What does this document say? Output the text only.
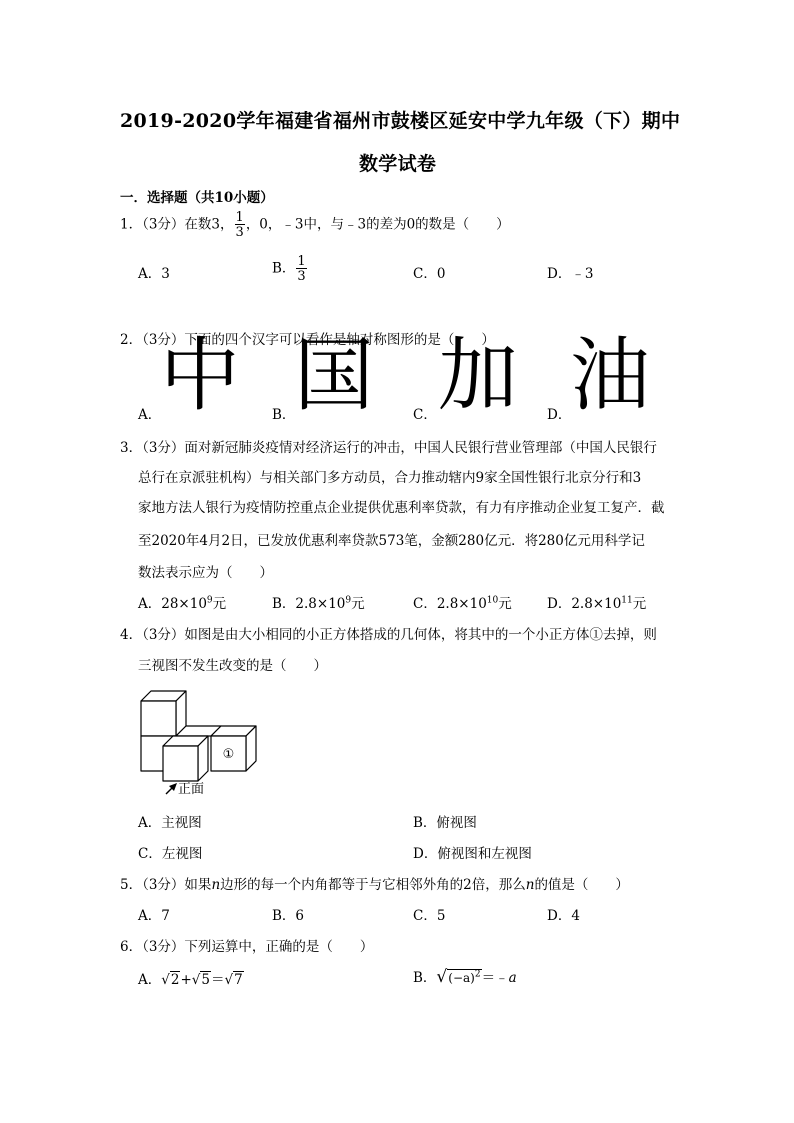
2019-2020学年福建省福州市鼓楼区延安中学九年级（下）期中
数学试卷
一．选择题（共10小题）
1．（3分）在数3， $\frac{1}{3}$ ，0，﹣3中，与﹣3的差为0的数是（　　）
A．3	B． $\frac{1}{3}$	C．0	D．﹣3
2．（3分）下面的四个汉字可以看作是轴对称图形的是（　　）
A．
中 B．
国	C． 加 D．
油
3．（3分）面对新冠肺炎疫情对经济运行的冲击，中国人民银行营业管理部（中国人民银行
总行在京派驻机构）与相关部门多方动员，合力推动辖内9家全国性银行北京分行和3
家地方法人银行为疫情防控重点企业提供优惠利率贷款，有力有序推动企业复工复产．截
至2020年4月2日，已发放优惠利率贷款573笔，金额280亿元．将280亿元用科学记
数法表示应为（　　）
A．$28\times 10^9$元	B．$2.8\times 10^9$元	C．$2.8\times 10^{10}$元	D．$2.8\times 10^{11}$元
4．（3分）如图是由大小相同的小正方体搭成的几何体，将其中的一个小正方体①去掉，则
三视图不发生改变的是（　　）
①
正面
A．主视图	B．俯视图
C．左视图	D．俯视图和左视图
5．（3分）如果n边形的每一个内角都等于与它相邻外角的2倍，那么n的值是（　　）
A．7	B．6	C．5	D．4
6．（3分）下列运算中，正确的是（　　）
A．√2+√5＝√7	B．$√(-a)^2=﹣a$
